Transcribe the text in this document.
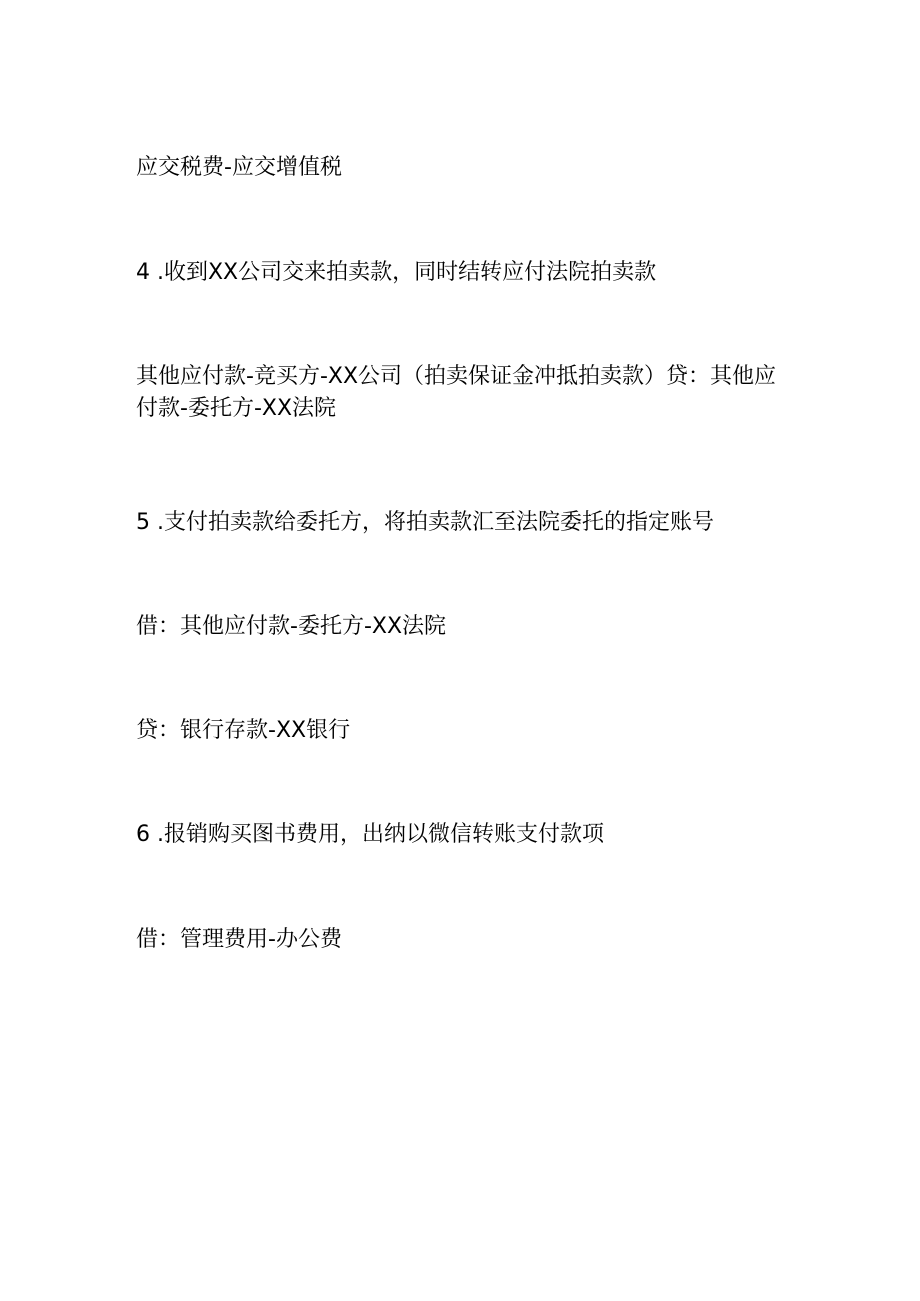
应交税费-应交增值税
4 .收到XX公司交来拍卖款，同时结转应付法院拍卖款
其他应付款-竞买方-XX公司（拍卖保证金冲抵拍卖款）贷：其他应付款-委托方-XX法院
5 .支付拍卖款给委托方，将拍卖款汇至法院委托的指定账号
借：其他应付款-委托方-XX法院
贷：银行存款-XX银行
6 .报销购买图书费用，出纳以微信转账支付款项
借：管理费用-办公费
